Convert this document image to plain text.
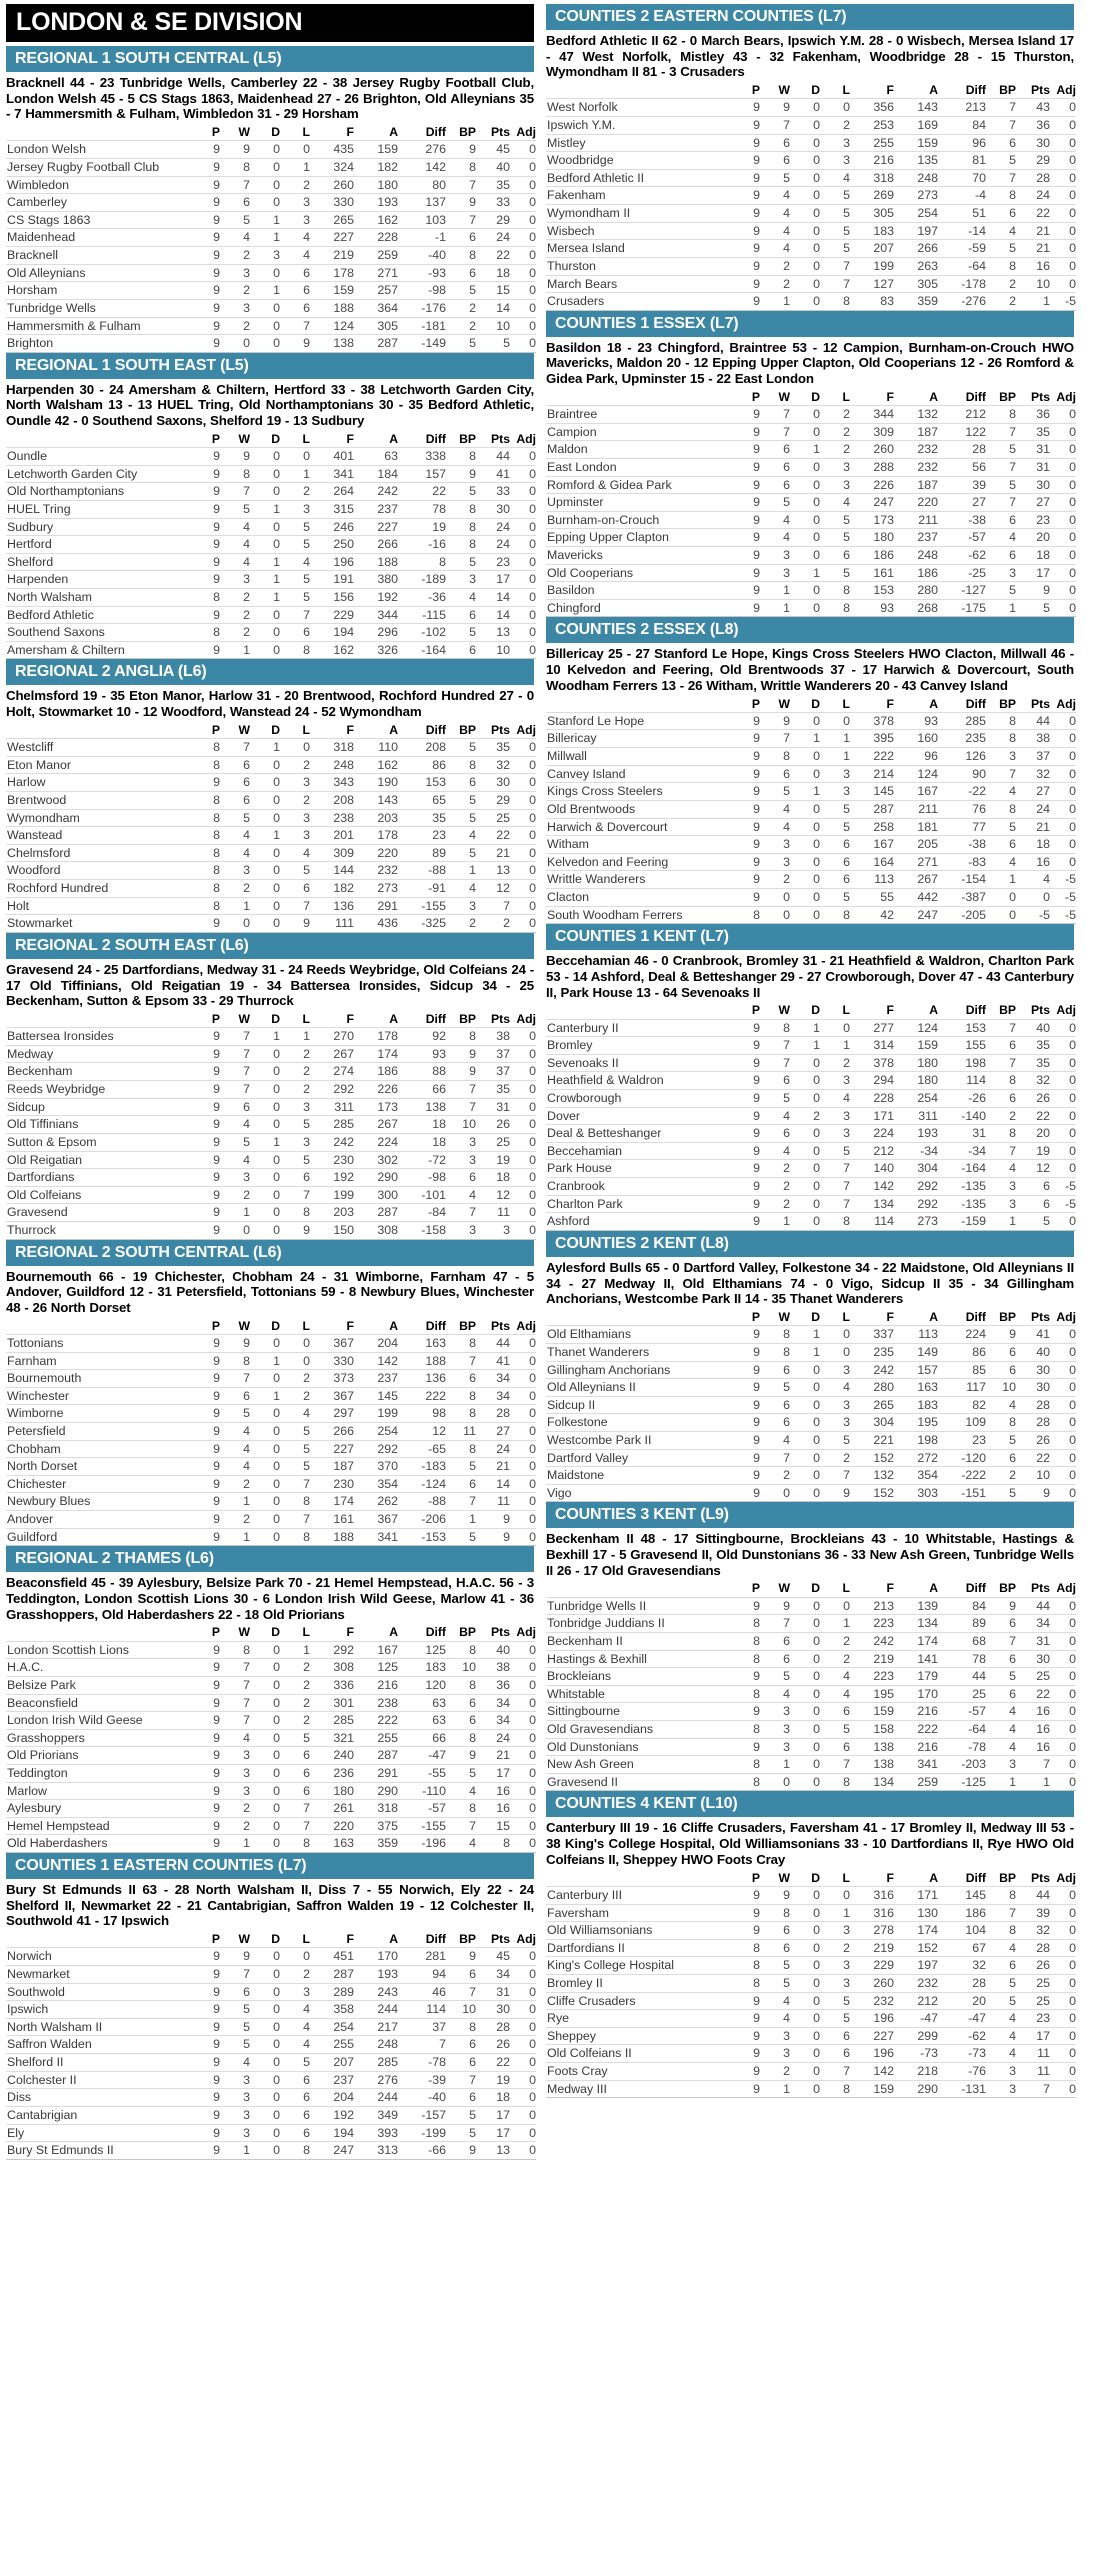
LONDON & SE DIVISION
REGIONAL 1 SOUTH CENTRAL (L5)

Bracknell 44 - 23 Tunbridge Wells, Camberley 22 - 38 Jersey Rugby Football Club, London Welsh 45 - 5 CS Stags 1863, Maidenhead 27 - 26 Brighton, Old Alleynians 35 - 7 Hammersmith & Fulham, Wimbledon 31 - 29 Horsham

	P	W	D	L	F	A	Diff	BP	Pts	Adj
London Welsh	9	9	0	0	435	159	276	9	45	0
Jersey Rugby Football Club	9	8	0	1	324	182	142	8	40	0
Wimbledon	9	7	0	2	260	180	80	7	35	0
Camberley	9	6	0	3	330	193	137	9	33	0
CS Stags 1863	9	5	1	3	265	162	103	7	29	0
Maidenhead	9	4	1	4	227	228	-1	6	24	0
Bracknell	9	2	3	4	219	259	-40	8	22	0
Old Alleynians	9	3	0	6	178	271	-93	6	18	0
Horsham	9	2	1	6	159	257	-98	5	15	0
Tunbridge Wells	9	3	0	6	188	364	-176	2	14	0
Hammersmith & Fulham	9	2	0	7	124	305	-181	2	10	0
Brighton	9	0	0	9	138	287	-149	5	5	0
REGIONAL 1 SOUTH EAST (L5)

Harpenden 30 - 24 Amersham & Chiltern, Hertford 33 - 38 Letchworth Garden City, North Walsham 13 - 13 HUEL Tring, Old Northamptonians 30 - 35 Bedford Athletic, Oundle 42 - 0 Southend Saxons, Shelford 19 - 13 Sudbury

	P	W	D	L	F	A	Diff	BP	Pts	Adj
Oundle	9	9	0	0	401	63	338	8	44	0
Letchworth Garden City	9	8	0	1	341	184	157	9	41	0
Old Northamptonians	9	7	0	2	264	242	22	5	33	0
HUEL Tring	9	5	1	3	315	237	78	8	30	0
Sudbury	9	4	0	5	246	227	19	8	24	0
Hertford	9	4	0	5	250	266	-16	8	24	0
Shelford	9	4	1	4	196	188	8	5	23	0
Harpenden	9	3	1	5	191	380	-189	3	17	0
North Walsham	8	2	1	5	156	192	-36	4	14	0
Bedford Athletic	9	2	0	7	229	344	-115	6	14	0
Southend Saxons	8	2	0	6	194	296	-102	5	13	0
Amersham & Chiltern	9	1	0	8	162	326	-164	6	10	0
REGIONAL 2 ANGLIA (L6)

Chelmsford 19 - 35 Eton Manor, Harlow 31 - 20 Brentwood, Rochford Hundred 27 - 0 Holt, Stowmarket 10 - 12 Woodford, Wanstead 24 - 52 Wymondham

	P	W	D	L	F	A	Diff	BP	Pts	Adj
Westcliff	8	7	1	0	318	110	208	5	35	0
Eton Manor	8	6	0	2	248	162	86	8	32	0
Harlow	9	6	0	3	343	190	153	6	30	0
Brentwood	8	6	0	2	208	143	65	5	29	0
Wymondham	8	5	0	3	238	203	35	5	25	0
Wanstead	8	4	1	3	201	178	23	4	22	0
Chelmsford	8	4	0	4	309	220	89	5	21	0
Woodford	8	3	0	5	144	232	-88	1	13	0
Rochford Hundred	8	2	0	6	182	273	-91	4	12	0
Holt	8	1	0	7	136	291	-155	3	7	0
Stowmarket	9	0	0	9	111	436	-325	2	2	0
REGIONAL 2 SOUTH EAST (L6)

Gravesend 24 - 25 Dartfordians, Medway 31 - 24 Reeds Weybridge, Old Colfeians 24 - 17 Old Tiffinians, Old Reigatian 19 - 34 Battersea Ironsides, Sidcup 34 - 25 Beckenham, Sutton & Epsom 33 - 29 Thurrock

	P	W	D	L	F	A	Diff	BP	Pts	Adj
Battersea Ironsides	9	7	1	1	270	178	92	8	38	0
Medway	9	7	0	2	267	174	93	9	37	0
Beckenham	9	7	0	2	274	186	88	9	37	0
Reeds Weybridge	9	7	0	2	292	226	66	7	35	0
Sidcup	9	6	0	3	311	173	138	7	31	0
Old Tiffinians	9	4	0	5	285	267	18	10	26	0
Sutton & Epsom	9	5	1	3	242	224	18	3	25	0
Old Reigatian	9	4	0	5	230	302	-72	3	19	0
Dartfordians	9	3	0	6	192	290	-98	6	18	0
Old Colfeians	9	2	0	7	199	300	-101	4	12	0
Gravesend	9	1	0	8	203	287	-84	7	11	0
Thurrock	9	0	0	9	150	308	-158	3	3	0
REGIONAL 2 SOUTH CENTRAL (L6)

Bournemouth 66 - 19 Chichester, Chobham 24 - 31 Wimborne, Farnham 47 - 5 Andover, Guildford 12 - 31 Petersfield, Tottonians 59 - 8 Newbury Blues, Winchester 48 - 26 North Dorset

	P	W	D	L	F	A	Diff	BP	Pts	Adj
Tottonians	9	9	0	0	367	204	163	8	44	0
Farnham	9	8	1	0	330	142	188	7	41	0
Bournemouth	9	7	0	2	373	237	136	6	34	0
Winchester	9	6	1	2	367	145	222	8	34	0
Wimborne	9	5	0	4	297	199	98	8	28	0
Petersfield	9	4	0	5	266	254	12	11	27	0
Chobham	9	4	0	5	227	292	-65	8	24	0
North Dorset	9	4	0	5	187	370	-183	5	21	0
Chichester	9	2	0	7	230	354	-124	6	14	0
Newbury Blues	9	1	0	8	174	262	-88	7	11	0
Andover	9	2	0	7	161	367	-206	1	9	0
Guildford	9	1	0	8	188	341	-153	5	9	0
REGIONAL 2 THAMES (L6)

Beaconsfield 45 - 39 Aylesbury, Belsize Park 70 - 21 Hemel Hempstead, H.A.C. 56 - 3 Teddington, London Scottish Lions 30 - 6 London Irish Wild Geese, Marlow 41 - 36 Grasshoppers, Old Haberdashers 22 - 18 Old Priorians

	P	W	D	L	F	A	Diff	BP	Pts	Adj
London Scottish Lions	9	8	0	1	292	167	125	8	40	0
H.A.C.	9	7	0	2	308	125	183	10	38	0
Belsize Park	9	7	0	2	336	216	120	8	36	0
Beaconsfield	9	7	0	2	301	238	63	6	34	0
London Irish Wild Geese	9	7	0	2	285	222	63	6	34	0
Grasshoppers	9	4	0	5	321	255	66	8	24	0
Old Priorians	9	3	0	6	240	287	-47	9	21	0
Teddington	9	3	0	6	236	291	-55	5	17	0
Marlow	9	3	0	6	180	290	-110	4	16	0
Aylesbury	9	2	0	7	261	318	-57	8	16	0
Hemel Hempstead	9	2	0	7	220	375	-155	7	15	0
Old Haberdashers	9	1	0	8	163	359	-196	4	8	0
COUNTIES 1 EASTERN COUNTIES (L7)

Bury St Edmunds II 63 - 28 North Walsham II, Diss 7 - 55 Norwich, Ely 22 - 24 Shelford II, Newmarket 22 - 21 Cantabrigian, Saffron Walden 19 - 12 Colchester II, Southwold 41 - 17 Ipswich

	P	W	D	L	F	A	Diff	BP	Pts	Adj
Norwich	9	9	0	0	451	170	281	9	45	0
Newmarket	9	7	0	2	287	193	94	6	34	0
Southwold	9	6	0	3	289	243	46	7	31	0
Ipswich	9	5	0	4	358	244	114	10	30	0
North Walsham II	9	5	0	4	254	217	37	8	28	0
Saffron Walden	9	5	0	4	255	248	7	6	26	0
Shelford II	9	4	0	5	207	285	-78	6	22	0
Colchester II	9	3	0	6	237	276	-39	7	19	0
Diss	9	3	0	6	204	244	-40	6	18	0
Cantabrigian	9	3	0	6	192	349	-157	5	17	0
Ely	9	3	0	6	194	393	-199	5	17	0
Bury St Edmunds II	9	1	0	8	247	313	-66	9	13	0
COUNTIES 2 EASTERN COUNTIES (L7)

Bedford Athletic II 62 - 0 March Bears, Ipswich Y.M. 28 - 0 Wisbech, Mersea Island 17 - 47 West Norfolk, Mistley 43 - 32 Fakenham, Woodbridge 28 - 15 Thurston, Wymondham II 81 - 3 Crusaders

	P	W	D	L	F	A	Diff	BP	Pts	Adj
West Norfolk	9	9	0	0	356	143	213	7	43	0
Ipswich Y.M.	9	7	0	2	253	169	84	7	36	0
Mistley	9	6	0	3	255	159	96	6	30	0
Woodbridge	9	6	0	3	216	135	81	5	29	0
Bedford Athletic II	9	5	0	4	318	248	70	7	28	0
Fakenham	9	4	0	5	269	273	-4	8	24	0
Wymondham II	9	4	0	5	305	254	51	6	22	0
Wisbech	9	4	0	5	183	197	-14	4	21	0
Mersea Island	9	4	0	5	207	266	-59	5	21	0
Thurston	9	2	0	7	199	263	-64	8	16	0
March Bears	9	2	0	7	127	305	-178	2	10	0
Crusaders	9	1	0	8	83	359	-276	2	1	-5
COUNTIES 1 ESSEX (L7)

Basildon 18 - 23 Chingford, Braintree 53 - 12 Campion, Burnham-on-Crouch HWO Mavericks, Maldon 20 - 12 Epping Upper Clapton, Old Cooperians 12 - 26 Romford & Gidea Park, Upminster 15 - 22 East London

	P	W	D	L	F	A	Diff	BP	Pts	Adj
Braintree	9	7	0	2	344	132	212	8	36	0
Campion	9	7	0	2	309	187	122	7	35	0
Maldon	9	6	1	2	260	232	28	5	31	0
East London	9	6	0	3	288	232	56	7	31	0
Romford & Gidea Park	9	6	0	3	226	187	39	5	30	0
Upminster	9	5	0	4	247	220	27	7	27	0
Burnham-on-Crouch	9	4	0	5	173	211	-38	6	23	0
Epping Upper Clapton	9	4	0	5	180	237	-57	4	20	0
Mavericks	9	3	0	6	186	248	-62	6	18	0
Old Cooperians	9	3	1	5	161	186	-25	3	17	0
Basildon	9	1	0	8	153	280	-127	5	9	0
Chingford	9	1	0	8	93	268	-175	1	5	0
COUNTIES 2 ESSEX (L8)

Billericay 25 - 27 Stanford Le Hope, Kings Cross Steelers HWO Clacton, Millwall 46 - 10 Kelvedon and Feering, Old Brentwoods 37 - 17 Harwich & Dovercourt, South Woodham Ferrers 13 - 26 Witham, Writtle Wanderers 20 - 43 Canvey Island

	P	W	D	L	F	A	Diff	BP	Pts	Adj
Stanford Le Hope	9	9	0	0	378	93	285	8	44	0
Billericay	9	7	1	1	395	160	235	8	38	0
Millwall	9	8	0	1	222	96	126	3	37	0
Canvey Island	9	6	0	3	214	124	90	7	32	0
Kings Cross Steelers	9	5	1	3	145	167	-22	4	27	0
Old Brentwoods	9	4	0	5	287	211	76	8	24	0
Harwich & Dovercourt	9	4	0	5	258	181	77	5	21	0
Witham	9	3	0	6	167	205	-38	6	18	0
Kelvedon and Feering	9	3	0	6	164	271	-83	4	16	0
Writtle Wanderers	9	2	0	6	113	267	-154	1	4	-5
Clacton	9	0	0	5	55	442	-387	0	0	-5
South Woodham Ferrers	8	0	0	8	42	247	-205	0	-5	-5
COUNTIES 1 KENT (L7)

Beccehamian 46 - 0 Cranbrook, Bromley 31 - 21 Heathfield & Waldron, Charlton Park 53 - 14 Ashford, Deal & Betteshanger 29 - 27 Crowborough, Dover 47 - 43 Canterbury II, Park House 13 - 64 Sevenoaks II

	P	W	D	L	F	A	Diff	BP	Pts	Adj
Canterbury II	9	8	1	0	277	124	153	7	40	0
Bromley	9	7	1	1	314	159	155	6	35	0
Sevenoaks II	9	7	0	2	378	180	198	7	35	0
Heathfield & Waldron	9	6	0	3	294	180	114	8	32	0
Crowborough	9	5	0	4	228	254	-26	6	26	0
Dover	9	4	2	3	171	311	-140	2	22	0
Deal & Betteshanger	9	6	0	3	224	193	31	8	20	0
Beccehamian	9	4	0	5	212	-34	-34	7	19	0
Park House	9	2	0	7	140	304	-164	4	12	0
Cranbrook	9	2	0	7	142	292	-135	3	6	-5
Charlton Park	9	2	0	7	134	292	-135	3	6	-5
Ashford	9	1	0	8	114	273	-159	1	5	0
COUNTIES 2 KENT (L8)

Aylesford Bulls 65 - 0 Dartford Valley, Folkestone 34 - 22 Maidstone, Old Alleynians II 34 - 27 Medway II, Old Elthamians 74 - 0 Vigo, Sidcup II 35 - 34 Gillingham Anchorians, Westcombe Park II 14 - 35 Thanet Wanderers

	P	W	D	L	F	A	Diff	BP	Pts	Adj
Old Elthamians	9	8	1	0	337	113	224	9	41	0
Thanet Wanderers	9	8	1	0	235	149	86	6	40	0
Gillingham Anchorians	9	6	0	3	242	157	85	6	30	0
Old Alleynians II	9	5	0	4	280	163	117	10	30	0
Sidcup II	9	6	0	3	265	183	82	4	28	0
Folkestone	9	6	0	3	304	195	109	8	28	0
Westcombe Park II	9	4	0	5	221	198	23	5	26	0
Dartford Valley	9	7	0	2	152	272	-120	6	22	0
Maidstone	9	2	0	7	132	354	-222	2	10	0
Vigo	9	0	0	9	152	303	-151	5	9	0
COUNTIES 3 KENT (L9)

Beckenham II 48 - 17 Sittingbourne, Brockleians 43 - 10 Whitstable, Hastings & Bexhill 17 - 5 Gravesend II, Old Dunstonians 36 - 33 New Ash Green, Tunbridge Wells II 26 - 17 Old Gravesendians

	P	W	D	L	F	A	Diff	BP	Pts	Adj
Tunbridge Wells II	9	9	0	0	213	139	84	9	44	0
Tonbridge Juddians II	8	7	0	1	223	134	89	6	34	0
Beckenham II	8	6	0	2	242	174	68	7	31	0
Hastings & Bexhill	8	6	0	2	219	141	78	6	30	0
Brockleians	9	5	0	4	223	179	44	5	25	0
Whitstable	8	4	0	4	195	170	25	6	22	0
Sittingbourne	9	3	0	6	159	216	-57	4	16	0
Old Gravesendians	8	3	0	5	158	222	-64	4	16	0
Old Dunstonians	9	3	0	6	138	216	-78	4	16	0
New Ash Green	8	1	0	7	138	341	-203	3	7	0
Gravesend II	8	0	0	8	134	259	-125	1	1	0
COUNTIES 4 KENT (L10)

Canterbury III 19 - 16 Cliffe Crusaders, Faversham 41 - 17 Bromley II, Medway III 53 - 38 King's College Hospital, Old Williamsonians 33 - 10 Dartfordians II, Rye HWO Old Colfeians II, Sheppey HWO Foots Cray

	P	W	D	L	F	A	Diff	BP	Pts	Adj
Canterbury III	9	9	0	0	316	171	145	8	44	0
Faversham	9	8	0	1	316	130	186	7	39	0
Old Williamsonians	9	6	0	3	278	174	104	8	32	0
Dartfordians II	8	6	0	2	219	152	67	4	28	0
King's College Hospital	8	5	0	3	229	197	32	6	26	0
Bromley II	8	5	0	3	260	232	28	5	25	0
Cliffe Crusaders	9	4	0	5	232	212	20	5	25	0
Rye	9	4	0	5	196	-47	-47	4	23	0
Sheppey	9	3	0	6	227	299	-62	4	17	0
Old Colfeians II	9	3	0	6	196	-73	-73	4	11	0
Foots Cray	9	2	0	7	142	218	-76	3	11	0
Medway III	9	1	0	8	159	290	-131	3	7	0
